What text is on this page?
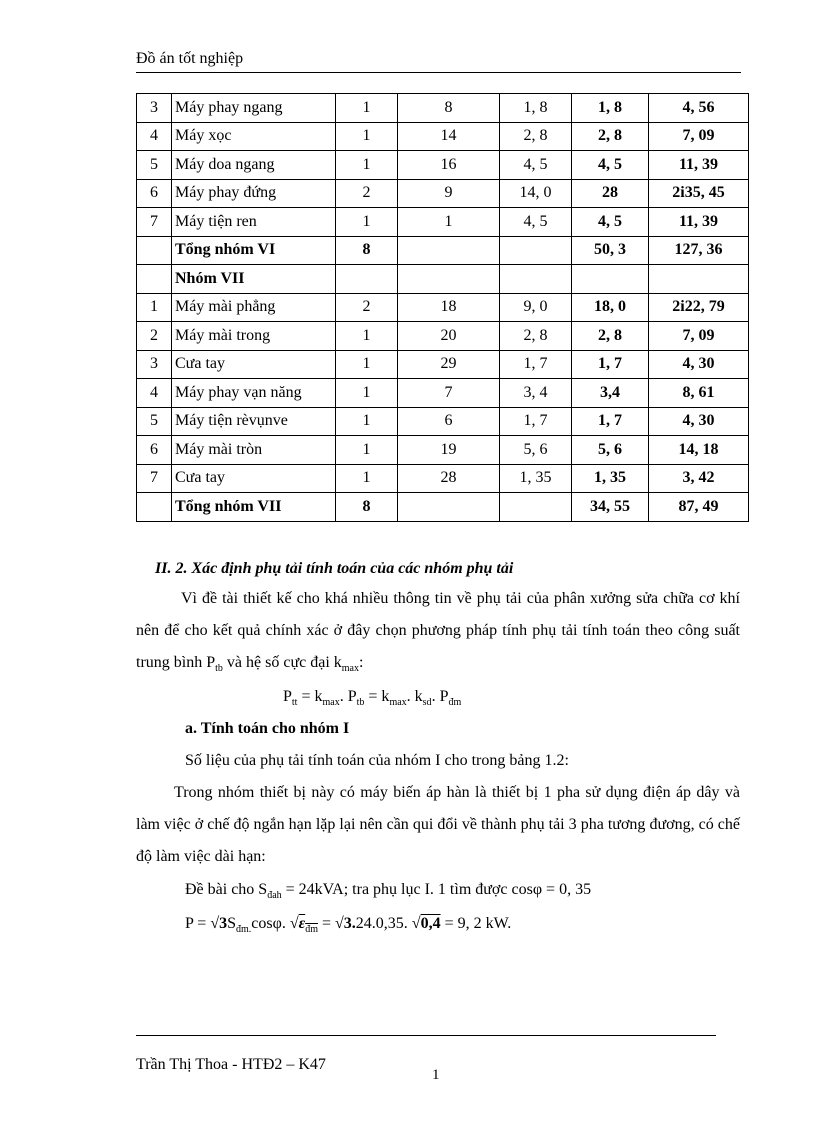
Đồ án tốt nghiệp
3	Máy phay ngang	1	8	1, 8	1, 8	4, 56
4	Máy xọc	1	14	2, 8	2, 8	7, 09
5	Máy doa ngang	1	16	4, 5	4, 5	11, 39
6	Máy phay đứng	2	9	14, 0	28	2i35, 45
7	Máy tiện ren	1	1	4, 5	4, 5	11, 39
	Tổng nhóm VI	8			50, 3	127, 36
	Nhóm VII					
1	Máy mài phẳng	2	18	9, 0	18, 0	2i22, 79
2	Máy mài trong	1	20	2, 8	2, 8	7, 09
3	Cưa tay	1	29	1, 7	1, 7	4, 30
4	Máy phay vạn năng	1	7	3, 4	3,4	8, 61
5	Máy tiện rèvụnve	1	6	1, 7	1, 7	4, 30
6	Máy mài tròn	1	19	5, 6	5, 6	14, 18
7	Cưa tay	1	28	1, 35	1, 35	3, 42
	Tổng nhóm VII	8			34, 55	87, 49
II. 2. Xác định phụ tải tính toán của các nhóm phụ tải
Vì đề tài thiết kế cho khá nhiều thông tin về phụ tải của phân xưởng sửa chữa cơ khí nên để cho kết quả chính xác ở đây chọn phương pháp tính phụ tải tính toán theo công suất trung bình $P_{tb}$ và hệ số cực đại $k_{max}$:
$P_{tt} = k_{max}$. $P_{tb} = k_{max}$. $k_{sd}$. $P_{đm}$
a. Tính toán cho nhóm I
Số liệu của phụ tải tính toán của nhóm I cho trong bảng 1.2:
Trong nhóm thiết bị này có máy biến áp hàn là thiết bị 1 pha sử dụng điện áp dây và làm việc ở chế độ ngắn hạn lặp lại nên cần qui đổi về thành phụ tải 3 pha tương đương, có chế độ làm việc dài hạn:
Đề bài cho $S_{đah} = 24kVA$; tra phụ lục I. 1 tìm được cosφ = 0, 35
$P = √3S_{đm.}\cos\varphi$. $√\varepsilon_{đm} = √3.24.0,35$. √0,4 = 9, 2 kW.
Trần Thị Thoa - HTĐ2 – K47
1
